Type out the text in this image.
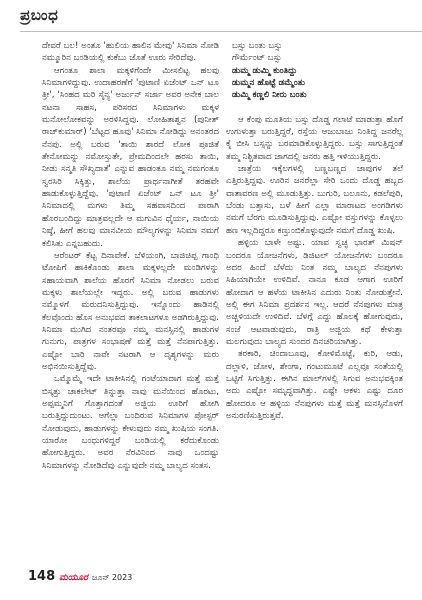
ಪ್ರಬಂಧ

ದೇವರೆ ಬಲ! ಅಂತೂ 'ಹುಲಿಯ ಹಾಲಿನ ಮೇವು' ಸಿನಿಮಾ ನೋಡಿ ನಮ್ಮೂರಿನ ಬಂಡಿಯಲ್ಲಿ ಕುಕೆಬು ಜೊತೆ ಊರು ಸೇರಿದೆವು.

ಆಗಂತೂ ಶಾಲಾ ಮಕ್ಕಳಿಗೆಂದೇ ಮೀಸಲಿಟ್ಟ ಹಲವು ಸಿನಿಮಾಗಳಿದ್ದುವು. ಉದಾಹರಣೆಗೆ 'ಪುಟಾಣಿ ಏಜೆಂಟ್ ಒನ್ ಟೂ ತ್ರೀ', 'ಸಿಂಹದ ಮರಿ ಸೈನ್ಯ' ಅರ್ಜುನ್ ಸರ್ಜಾ ಅವರ ಅನೇಕ ಬಾಲ ನಟನಾ ಸಾಹಸ, ಪರಿಸರದ ಸಿನಿಮಾಗಳು ಮಕ್ಕಳ ಮನೋಲೋಕವನ್ನು ಅರಳಿಸಿದ್ದವು. ಲೋಹಿತಾಶ್ವನ (ಪುನೀತ್ ರಾಜ್‌ಕುಮಾರ್) 'ಬೆಟ್ಟದ ಹೂವು' ಸಿನಿಮಾ ನೋಡಿದ್ದು ಅನಂತರದ ನೆನಪು. ಅಲ್ಲಿ ಬರುವ 'ತಾಯಿ ಶಾರದೆ ಲೋಕ ಪೂಜಿತೆ ತೇನೋಮನ್ನು ನಮೋಸ್ತುತೇ, ಪ್ರೇಮದಿಂದಲೇ ಹರಸು ತಾಯಿ, ನೀಡು ಸನ್ಮತಿ ಸೌಖ್ಯದಾತೆ' ಎನ್ನುವ ಹಾಡಂತೂ ನಮ್ಮ ನಮಗಂತೂ ಸ್ವರಸಿರಿ ಸಿಕ್ಕಿತ್ತು, ಶಾಲೆಯ ಪ್ರಾರ್ಥನಾಗೀತೆ ತರಹವೇ ಹಾಡುಕೊಳ್ಳುತ್ತಿದ್ದೆವು. 'ಪುಟಾಣಿ ಏಜೆಂಟ್ ಒನ್ ಟೂ ತ್ರೀ' ಸಿನಿಮಾದಲ್ಲಿ ಮಗಳು ತಿಮ್ಮ ಸಹವಾಸದಿಂದ ಪಾರಾಗಿ ಹೊರಬಂದಿದ್ದು ಮಾತ್ರವಲ್ಲದೇ ಆ ಮಗುವಿನ ಧೈರ್ಯ, ನಾಯಿಯ ನಿಷ್ಠೆ, ಹೀಗೆ ಹಲವು ಮಾನವೀಯ ಮೌಲ್ಯಗಳನ್ನು ಸಿನಿಮಾ ನಮಗೆ ಕಲಿಸಿತು ಎನ್ನಬಹುದು.

ಆರೆಂಟರ್ ಕೆಟ್ಟ ದಿನಾವೇಕೆ. ಬೆಳಿಯಂಗಿ, ಬಾಜಿಚಿಪ್ಪ ಗಾಂಧಿ ಟೋಪಿಗೆ ಹಾಕಿಕೊಂಡು ಶಾಲಾ ಮಕ್ಕಳಲ್ಲದೇ ಮಂಡಿಗಳನ್ನು ಸಹಾಯವಾಗಿ ಶಾಲೆಯ ಹೊರಗೆ ಸಿನಿಮಾ ನೋಡಲು ಬರುವ ಮಕ್ಕಳು ಶಾಲೆಯಲ್ಲೇ ಇದ್ದರು. ಅಲ್ಲಿ ಬರುವ ಹಾಡುಗಳು ನಮ್ಮೊಳಗೆ ಮರುದನಿಸುತ್ತಿದ್ದುವು. ಇನ್ನೊಂದು ಹಾಡಿನಲ್ಲಿ ಕೆಲವೊಂದು ಹೊಸ ಅನುಭವದ ತಾಕಲಾಟಗಳೂ ಅಡಗಿರುತ್ತಿದ್ದುವು. ಸಿನಿಮಾ ಮುಗಿದ ನಂತರವೂ ನಮ್ಮ ಮನಸ್ಸಿನಲ್ಲಿ ಹಾಡುಗಳ ಗುನುಗು, ಪಾತ್ರಗಳ ಸಂಭಾಷಣೆ ಮತ್ತೆ ಮತ್ತೆ ನೆನಪಾಗುತ್ತಿತ್ತು. ಎಷ್ಟೋ ಬಾರಿ ನಾವೇ ನಟರಾಗಿ ಆ ದೃಶ್ಯಗಳನ್ನು ಮರು ಅಭಿನಯಿಸುತ್ತಿದ್ದೆವು.

ಒಮ್ಮೊಮ್ಮೆ ಇದೇ ಟಾಕೀಸಿನಲ್ಲಿ ಗಂಟೆಯಾದಾಗ ಮತ್ತೆ ಮತ್ತೆ ಬಿಸ್ಕತ್ತು ಚಾಕಲೇಟ್ ತಿನ್ನುತ್ತಾ ನಾವು ಮನೆಯಿಂದ ಹೊರಟು, ಅಪ್ಪಮ್ಮನಿಗೆ ಗೊತ್ತಾಗದಂತೆ ಅಜ್ಜಿಯ ಊರಿಗೆ ಹೋಗಿ ಬರುತ್ತಿದ್ದುದುಂಟು. ಆಗೆಲ್ಲಾ ಬಂದಿರುವ ಸಿನಿಮಾಗಳ ಪೋಸ್ಟರ್ ನೋಡುವುದು, ಹಾಡುಗಳನ್ನು ಕೇಳುವುದು ನಮ್ಮ ಖುಷಿಯ ಸಂಗತಿ. ಯಾರೋ ಬಂಧುಗಳಿದ್ದರೆ ಬಂಡಿಯಲ್ಲಿ ಕರೆದುಕೊಂಡು ಹೋಗುತ್ತಿದ್ದರು. ಅವರ ನೆರವಿನಿಂದ ನಾವು ಒಂದಷ್ಟು ಸಿನಿಮಾಗಳನ್ನು ನೋಡಿದೆವು ಎನ್ನುವುದೇ ನಮ್ಮ ಬಾಲ್ಯದ ಸಂತಸ.

ಬಸ್ಸು ಬಂತು ಬಸ್ಸು
ಗೌರ್ಮೆಂಟ್ ಬಸ್ಸು
ಡುಮ್ಮ ಡುಮ್ಮಿ ಕುಂತಿದ್ದು
ಡುಮ್ಮನ ಹೊಟ್ಟೆ ಡಮ್ಮೆಂತು
ಡುಮ್ಮಿ ಕಣ್ಣಲಿ ನೀರು ಬಂತು

ಆ ಕೆಂಪು ಮೂತಿಯ ಬಸ್ಸು ದೊಡ್ಡ ಗಲಾಟೆ ಮಾಡುತ್ತಾ ಹೊಗೆ ಉಗುಳುತ್ತಾ ಬರುತ್ತಿದ್ದರೆ, ರಸ್ತೆಯ ಆಜುಬಾಜು ನಿಂತಿದ್ದ ಜನರೆಲ್ಲ ಕೈ ಬೀಸಿ ಬಸ್ಸನ್ನು ಬರಮಾಡಿಕೊಳ್ಳುತ್ತಿದ್ದರು. ಬಸ್ಸು ಸಾಗುತ್ತಿದ್ದಂತೆ ತಮ್ಮ ನಿಶ್ಚಿತವಾದ ಜಾಗದಲ್ಲಿ ಜನರು ಹತ್ತಿ ಇಳಿಯುತ್ತಿದ್ದರು.

ಜಾತ್ರೆಯ ಇಕ್ಕೆಲಗಳಲ್ಲಿ ಬಣ್ಣಬಣ್ಣದ ಜಾಪುಗಳ ತಲೆ ಎತ್ತಿರುತ್ತಿದ್ದವು. ಊರಿನ ಜನರೆಲ್ಲಾ ಸೇರಿ ಒಂದು ದೊಡ್ಡ ಹಬ್ಬದ ವಾತಾವರಣ ಅಲ್ಲಿ ಮೂಡುತ್ತಿತ್ತು. ಬುಗುರಿ, ಬಲೂನು, ಕಡಲೆಪುರಿ, ಬೆಂಡು ಬತ್ತಾಸು, ಬಳೆ ಹೀಗೆ ಎಲ್ಲಾ ಮಾರಾಟದ ಅಂಗಡಿಗಳು ನಮಗೆ ಬೆರಗು ಮೂಡಿಸುತ್ತಿದ್ದುವು. ಎಷ್ಟೋ ವಸ್ತುಗಳನ್ನು ಕೊಳ್ಳಲು ಹಣ ಇಲ್ಲದಿದ್ದರೂ ಕಣ್ತುಂಬಿಕೊಳ್ಳುವುದೇ ನಮಗೆ ದೊಡ್ಡ ಖುಷಿ.

ಹಳ್ಳಿಯ ಬಾಳೇ ಅಷ್ಟು. ಯಾವ ಸ್ವಚ್ಛ ಭಾರತ್ ಮಿಷನ್ ಬಂದರೂ ಯೋಜನೆಗಳು, ಡಿಜಿಟಲ್ ಯೋಜನೆಗಳು ಬಂದರೂ ಅದರ ಹಿಂದೆ ಬೆಳೆದು ನಿಂತ ನಮ್ಮ ಬಾಲ್ಯದ ನೆನಪುಗಳು ಸಿಹಿಯಾಗಿಯೇ ಉಳಿದಿವೆ. ನಾನೂ ಕೂಡ ಆಗಾಗ ಊರಿಗೆ ಹೋದಾಗ ಆ ಹಳೆಯ ಟಾಕೀಸಿನ ಎದುರು ನಿಂತು ನೋಡುತ್ತೇನೆ. ಅಲ್ಲಿ ಈಗ ಸಿನಿಮಾ ಪ್ರದರ್ಶನ ಇಲ್ಲ. ಆದರೆ ನೆನಪುಗಳು ಮಾತ್ರ ಅಚ್ಚಳಿಯದೇ ಉಳಿದಿವೆ. ಬೆಳಗ್ಗೆ ಎದ್ದು ಹೊಲಕ್ಕೆ ಹೋಗುವುದು, ಸಂಜೆ ಆಟವಾಡುವುದು, ರಾತ್ರಿ ಅಜ್ಜಿಯ ಕಥೆ ಕೇಳುತ್ತಾ ಮಲಗುವುದು ಬಾಲ್ಯದ ಸುಂದರ ದಿನಚರಿಯಾಗಿತ್ತು.

ತರಕಾರಿ, ಚಿಂದಾಬೂವು, ಕೋಳಿಮೊಟ್ಟೆ, ಕುರಿ, ಆಡು, ದಲ್ಲಾಳಿ, ಜೋಳ, ಶೇಂಗಾ, ಗಂಟುಮೂಟೆ ಎಲ್ಲವೂ ಸಂತೆಯಲ್ಲಿ ಒಟ್ಟಿಗೆ ಸಿಗುತ್ತಿತ್ತು. ಈಗಿನ ಮಾಲ್‌ಗಳಲ್ಲಿ ಸಿಗುವ ಅನುಭವಕ್ಕಿಂತ ಅದು ಎಷ್ಟೋ ಸಮೃದ್ಧವಾಗಿತ್ತು. ಎಷ್ಟೇ ಆಕಳು ಎಷ್ಟು ದೂರ ಹೋದರೂ ಆ ಹಳ್ಳಿಯ ನೆನಪುಗಳು ಮತ್ತೆ ಮತ್ತೆ ಮನಸ್ಸಿನೊಳಗೆ ಅನುರಣಿಸುತ್ತಿರುತ್ತವೆ.

148 ಮಯೂರ ಜೂನ್ 2023
